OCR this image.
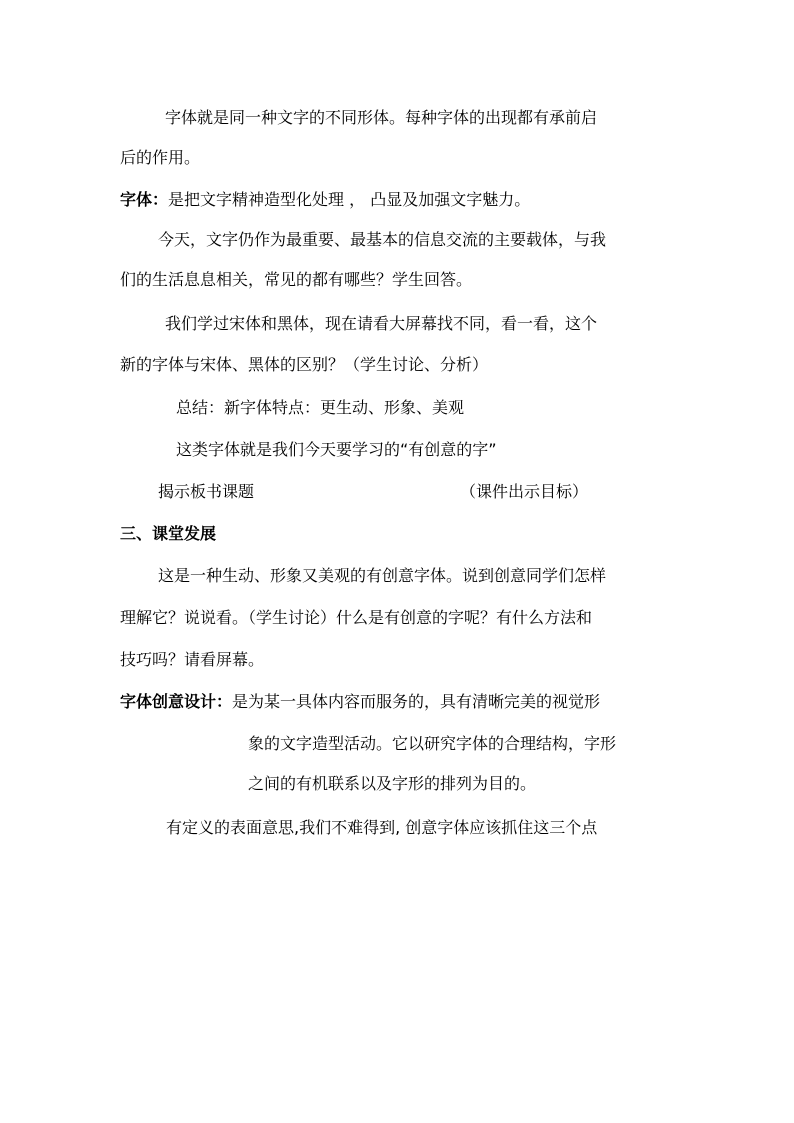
字体就是同一种文字的不同形体。每种字体的出现都有承前启
后的作用。
字体：是把文字精神造型化处理 ， 凸显及加强文字魅力。
今天，文字仍作为最重要、最基本的信息交流的主要载体，与我
们的生活息息相关，常见的都有哪些？学生回答。
我们学过宋体和黑体，现在请看大屏幕找不同，看一看，这个
新的字体与宋体、黑体的区别？（学生讨论、分析）
总结：新字体特点：更生动、形象、美观
这类字体就是我们今天要学习的“有创意的字”
揭示板书课题	（课件出示目标）
三、课堂发展
这是一种生动、形象又美观的有创意字体。说到创意同学们怎样
理解它？说说看。（学生讨论）什么是有创意的字呢？有什么方法和
技巧吗？请看屏幕。
字体创意设计：是为某一具体内容而服务的，具有清晰完美的视觉形
象的文字造型活动。它以研究字体的合理结构，字形
之间的有机联系以及字形的排列为目的。
有定义的表面意思,我们不难得到, 创意字体应该抓住这三个点
